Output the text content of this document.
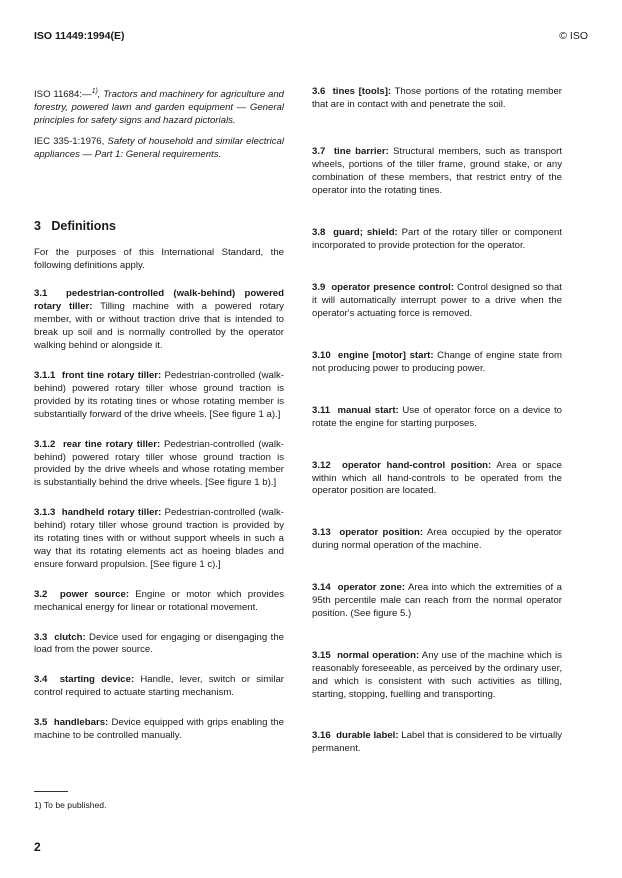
ISO 11449:1994(E)	© ISO

ISO 11684:—$^{1)}$, Tractors and machinery for agriculture and forestry, powered lawn and garden equipment — General principles for safety signs and hazard pictorials.

IEC 335-1:1976, Safety of household and similar electrical appliances — Part 1: General requirements.

3 Definitions

For the purposes of this International Standard, the following definitions apply.

3.1 pedestrian-controlled (walk-behind) powered rotary tiller: Tilling machine with a powered rotary member, with or without traction drive that is intended to break up soil and is normally controlled by the operator walking behind or alongside it.

3.1.1 front tine rotary tiller: Pedestrian-controlled (walk-behind) powered rotary tiller whose ground traction is provided by its rotating tines or whose rotating member is substantially forward of the drive wheels. [See figure 1 a).]

3.1.2 rear tine rotary tiller: Pedestrian-controlled (walk-behind) powered rotary tiller whose ground traction is provided by the drive wheels and whose rotating member is substantially behind the drive wheels. [See figure 1 b).]

3.1.3 handheld rotary tiller: Pedestrian-controlled (walk-behind) rotary tiller whose ground traction is provided by its rotating tines with or without support wheels in such a way that its rotating elements act as hoeing blades and ensure forward propulsion. [See figure 1 c).]

3.2 power source: Engine or motor which provides mechanical energy for linear or rotational movement.

3.3 clutch: Device used for engaging or disengaging the load from the power source.

3.4 starting device: Handle, lever, switch or similar control required to actuate starting mechanism.

3.5 handlebars: Device equipped with grips enabling the machine to be controlled manually.

3.6 tines [tools]: Those portions of the rotating member that are in contact with and penetrate the soil.

3.7 tine barrier: Structural members, such as transport wheels, portions of the tiller frame, ground stake, or any combination of these members, that restrict entry of the operator into the rotating tines.

3.8 guard; shield: Part of the rotary tiller or component incorporated to provide protection for the operator.

3.9 operator presence control: Control designed so that it will automatically interrupt power to a drive when the operator's actuating force is removed.

3.10 engine [motor] start: Change of engine state from not producing power to producing power.

3.11 manual start: Use of operator force on a device to rotate the engine for starting purposes.

3.12 operator hand-control position: Area or space within which all hand-controls to be operated from the operator position are located.

3.13 operator position: Area occupied by the operator during normal operation of the machine.

3.14 operator zone: Area into which the extremities of a 95th percentile male can reach from the normal operator position. (See figure 5.)

3.15 normal operation: Any use of the machine which is reasonably foreseeable, as perceived by the ordinary user, and which is consistent with such activities as tilling, starting, stopping, fuelling and transporting.

3.16 durable label: Label that is considered to be virtually permanent.

1) To be published.
2
